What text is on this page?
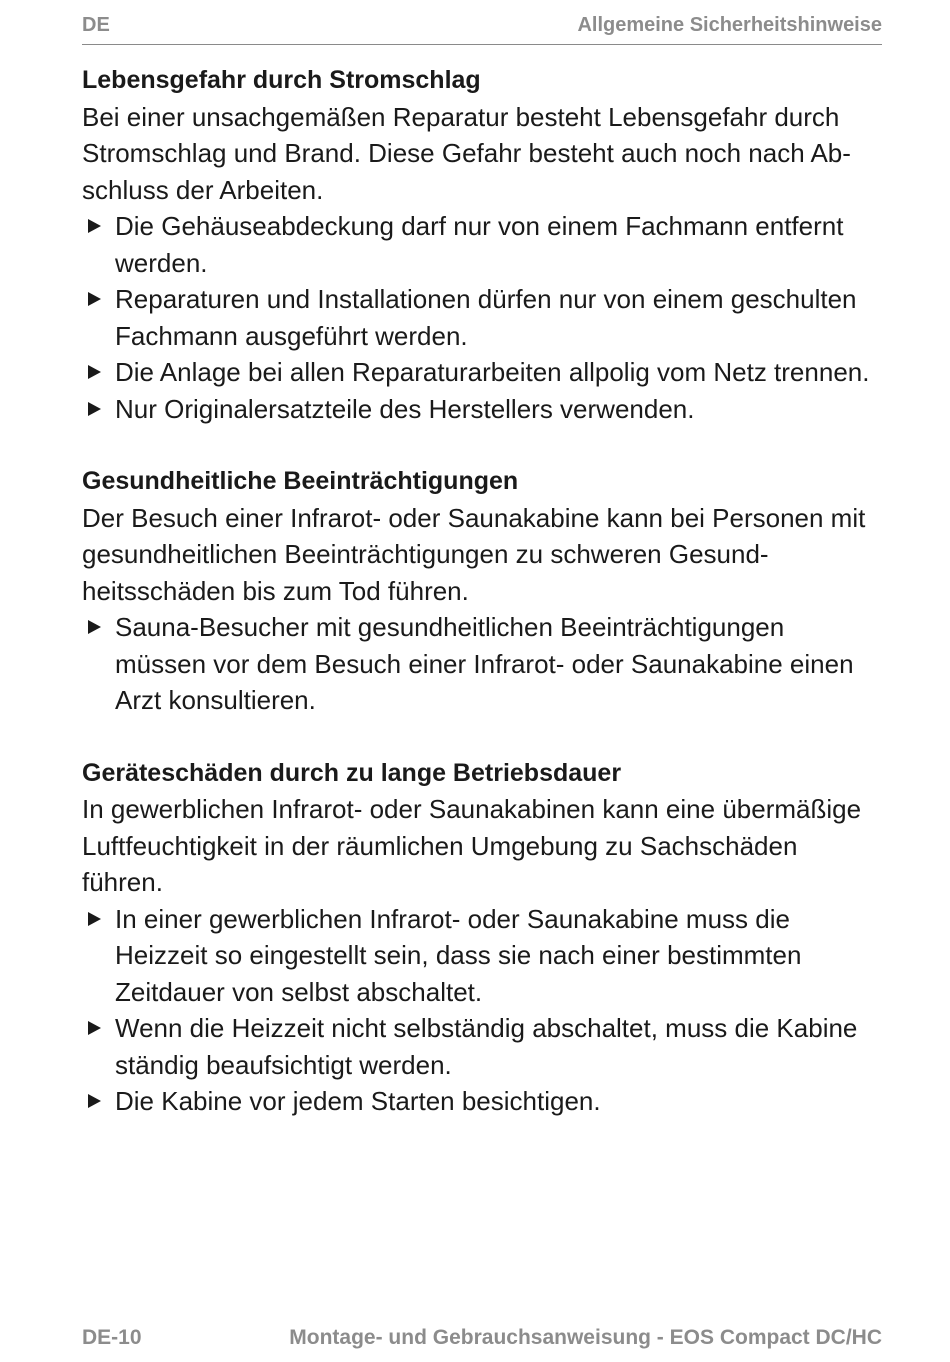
DE	Allgemeine Sicherheitshinweise
Lebensgefahr durch Stromschlag

Bei einer unsachgemäßen Reparatur besteht Lebensgefahr durch Stromschlag und Brand. Diese Gefahr besteht auch noch nach Abschluss der Arbeiten.

Die Gehäuseabdeckung darf nur von einem Fachmann entfernt werden.
Reparaturen und Installationen dürfen nur von einem geschulten Fachmann ausgeführt werden.
Die Anlage bei allen Reparaturarbeiten allpolig vom Netz trennen.
Nur Originalersatzteile des Herstellers verwenden.
Gesundheitliche Beeinträchtigungen

Der Besuch einer Infrarot- oder Saunakabine kann bei Personen mit gesundheitlichen Beeinträchtigungen zu schweren Gesundheitsschäden bis zum Tod führen.

Sauna-Besucher mit gesundheitlichen Beeinträchtigungen müssen vor dem Besuch einer Infrarot- oder Saunakabine einen Arzt konsultieren.
Geräteschäden durch zu lange Betriebsdauer

In gewerblichen Infrarot- oder Saunakabinen kann eine übermäßige Luftfeuchtigkeit in der räumlichen Umgebung zu Sachschäden führen.

In einer gewerblichen Infrarot- oder Saunakabine muss die Heizzeit so eingestellt sein, dass sie nach einer bestimmten Zeitdauer von selbst abschaltet.
Wenn die Heizzeit nicht selbständig abschaltet, muss die Kabine ständig beaufsichtigt werden.
Die Kabine vor jedem Starten besichtigen.
DE-10	Montage- und Gebrauchsanweisung - EOS Compact DC/HC
